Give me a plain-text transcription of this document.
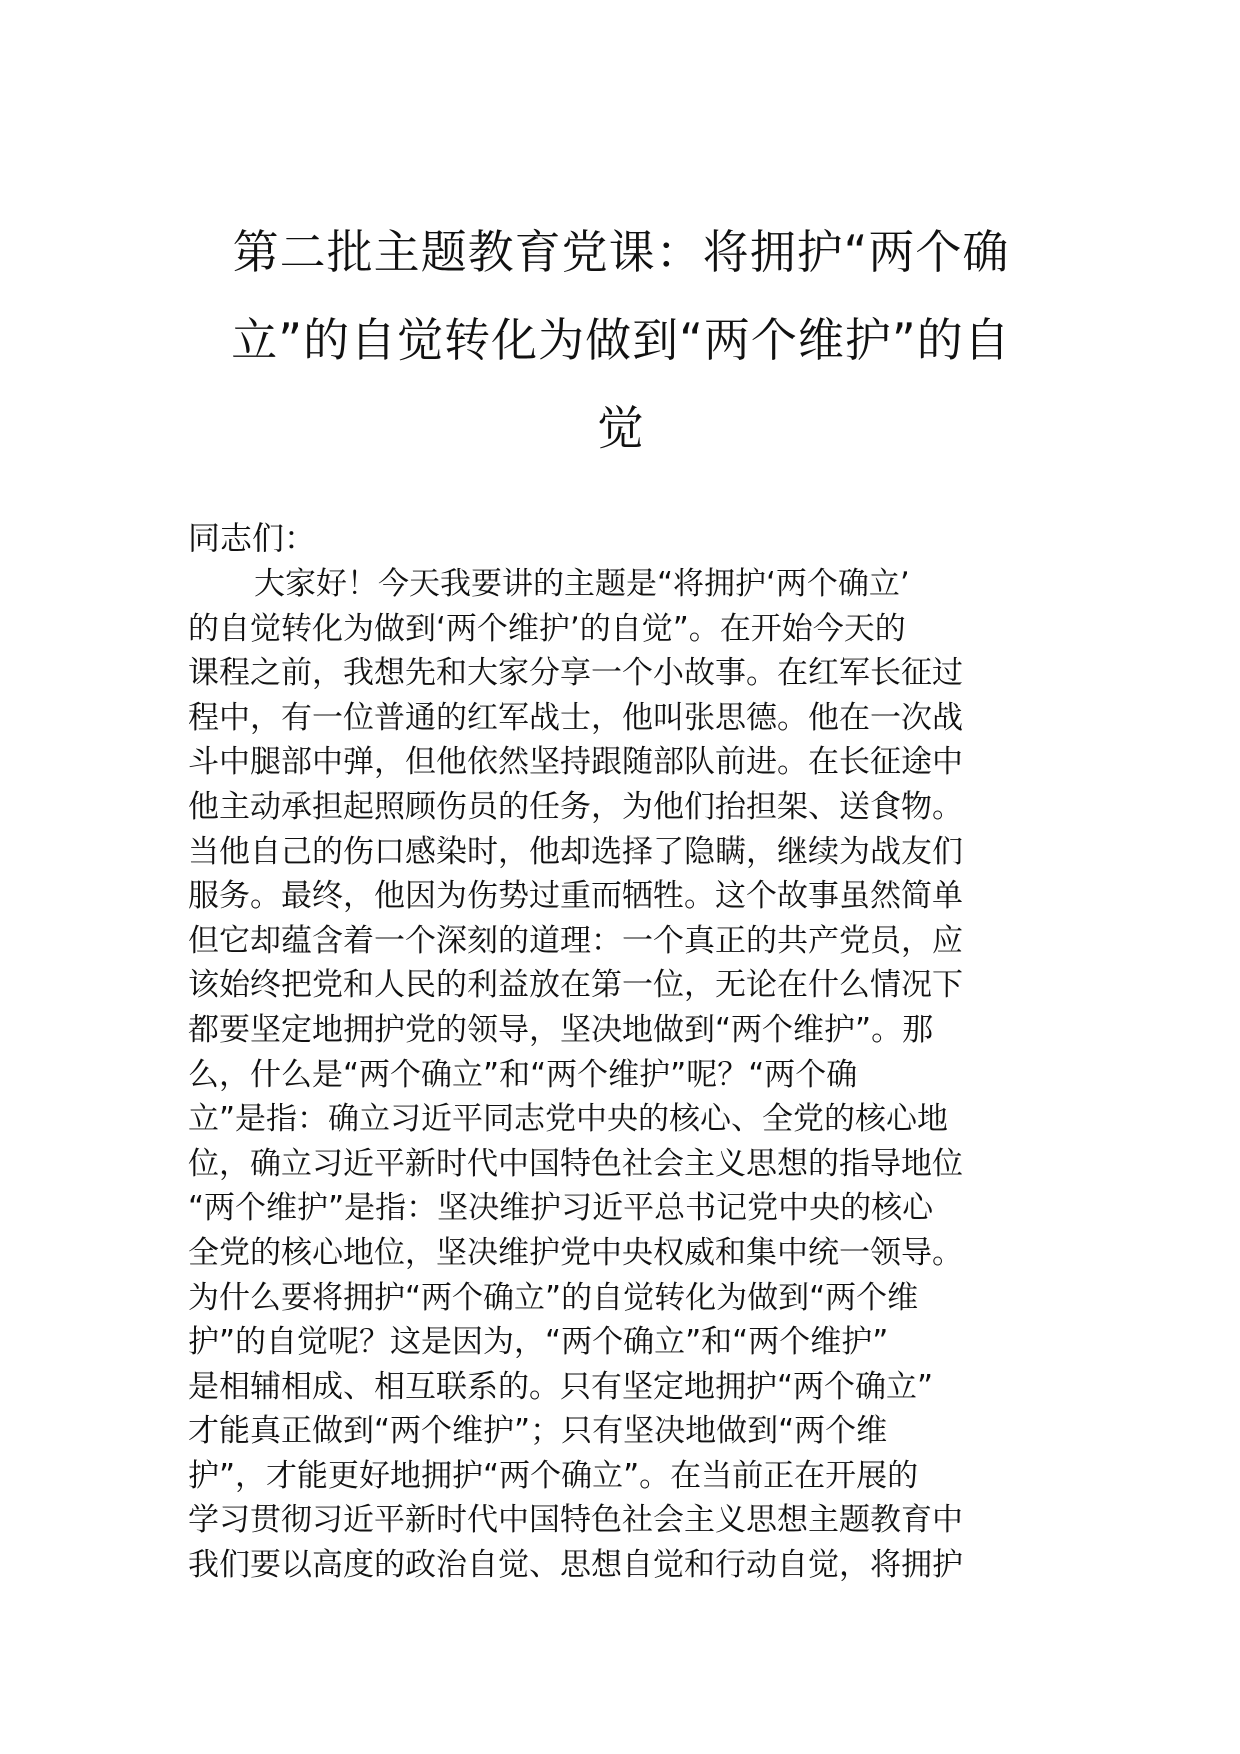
第二批主题教育党课：将拥护“两个确
立”的自觉转化为做到“两个维护”的自
觉

同志们：

大家好！今天我要讲的主题是“将拥护‘两个确立’
的自觉转化为做到‘两个维护’的自觉”。在开始今天的
课程之前，我想先和大家分享一个小故事。在红军长征过
程中，有一位普通的红军战士，他叫张思德。他在一次战
斗中腿部中弹，但他依然坚持跟随部队前进。在长征途中
他主动承担起照顾伤员的任务，为他们抬担架、送食物。
当他自己的伤口感染时，他却选择了隐瞒，继续为战友们
服务。最终，他因为伤势过重而牺牲。这个故事虽然简单
但它却蕴含着一个深刻的道理：一个真正的共产党员，应
该始终把党和人民的利益放在第一位，无论在什么情况下
都要坚定地拥护党的领导，坚决地做到“两个维护”。那
么，什么是“两个确立”和“两个维护”呢？“两个确
立”是指：确立习近平同志党中央的核心、全党的核心地
位，确立习近平新时代中国特色社会主义思想的指导地位
“两个维护”是指：坚决维护习近平总书记党中央的核心
全党的核心地位，坚决维护党中央权威和集中统一领导。
为什么要将拥护“两个确立”的自觉转化为做到“两个维
护”的自觉呢？这是因为，“两个确立”和“两个维护”
是相辅相成、相互联系的。只有坚定地拥护“两个确立”
才能真正做到“两个维护”；只有坚决地做到“两个维
护”，才能更好地拥护“两个确立”。在当前正在开展的
学习贯彻习近平新时代中国特色社会主义思想主题教育中
我们要以高度的政治自觉、思想自觉和行动自觉，将拥护
